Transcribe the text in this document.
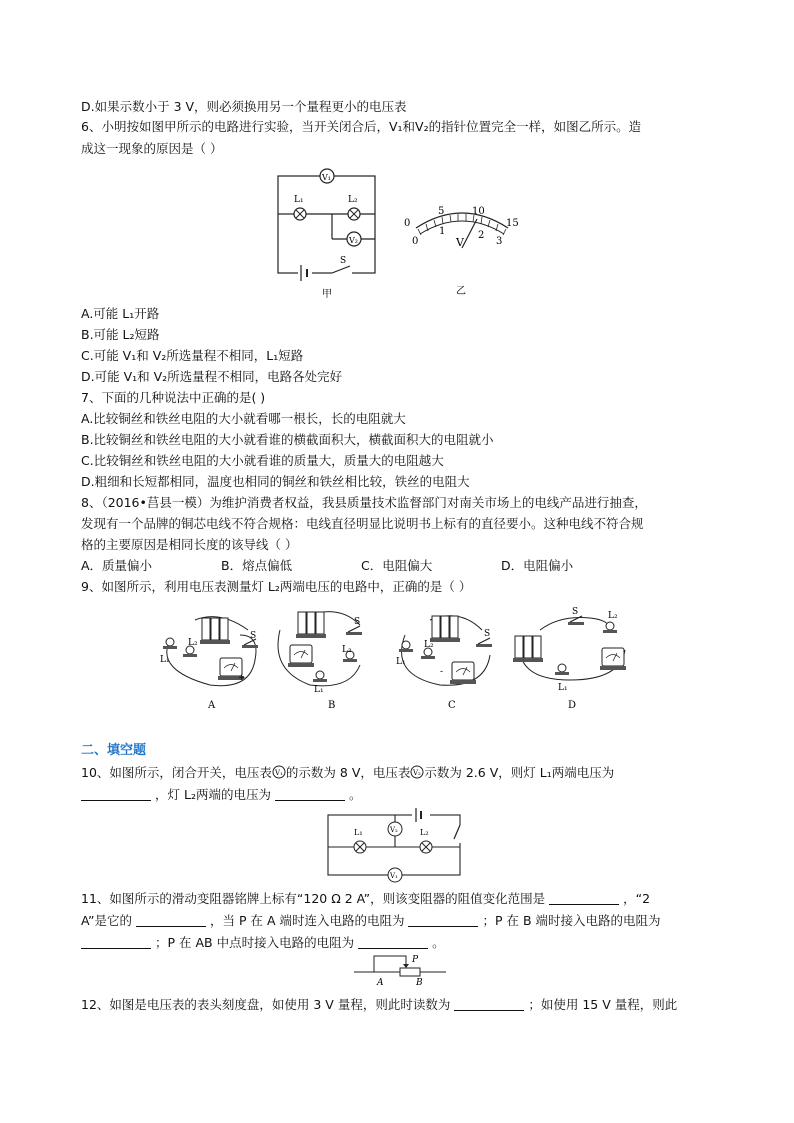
D.如果示数小于 3 V，则必须换用另一个量程更小的电压表
6、小明按如图甲所示的电路进行实验，当开关闭合后，V₁和V₂的指针位置完全一样，如图乙所示。造
成这一现象的原因是（ ）
V₁
L₁	L₂
V₂
S
甲
0
5	10
15
0
1	2
3
V
乙
A.可能 L₁开路
B.可能 L₂短路
C.可能 V₁和 V₂所选量程不相同，L₁短路
D.可能 V₁和 V₂所选量程不相同，电路各处完好
7、下面的几种说法中正确的是( )
A.比较铜丝和铁丝电阻的大小就看哪一根长，长的电阻就大
B.比较铜丝和铁丝电阻的大小就看谁的横截面积大，横截面积大的电阻就小
C.比较铜丝和铁丝电阻的大小就看谁的质量大，质量大的电阻越大
D.粗细和长短都相同，温度也相同的铜丝和铁丝相比较，铁丝的电阻大
8、（2016•莒县一模）为维护消费者权益，我县质量技术监督部门对南关市场上的电线产品进行抽查，
发现有一个品牌的铜芯电线不符合规格：电线直径明显比说明书上标有的直径要小。这种电线不符合规
格的主要原因是相同长度的该导线（ ）
A．质量偏小	B．熔点偏低	C．电阻偏大	D．电阻偏小
9、如图所示，利用电压表测量灯 L₂两端电压的电路中，正确的是（ ）
S
L₁
L₂
+
A
S
L₁
L₂
B
S
L₁
L₂
-
C
S
L₁
L₂
D
二、填空题
10、如图所示，闭合开关，电压表 V₁ 的示数为 8 V，电压表 V₂ 示数为 2.6 V，则灯 L₁两端电压为
，灯 L₂两端的电压为	。
V₂
V₁
L₁	L₂
11、如图所示的滑动变阻器铭牌上标有“120 Ω 2 A”，则该变阻器的阻值变化范围是	，“2
A”是它的	，当 P 在 A 端时连入电路的电阻为	；P 在 B 端时接入电路的电阻为
；P 在 AB 中点时接入电路的电阻为	。
P
A	B
12、如图是电压表的表头刻度盘，如使用 3 V 量程，则此时读数为	；如使用 15 V 量程，则此
